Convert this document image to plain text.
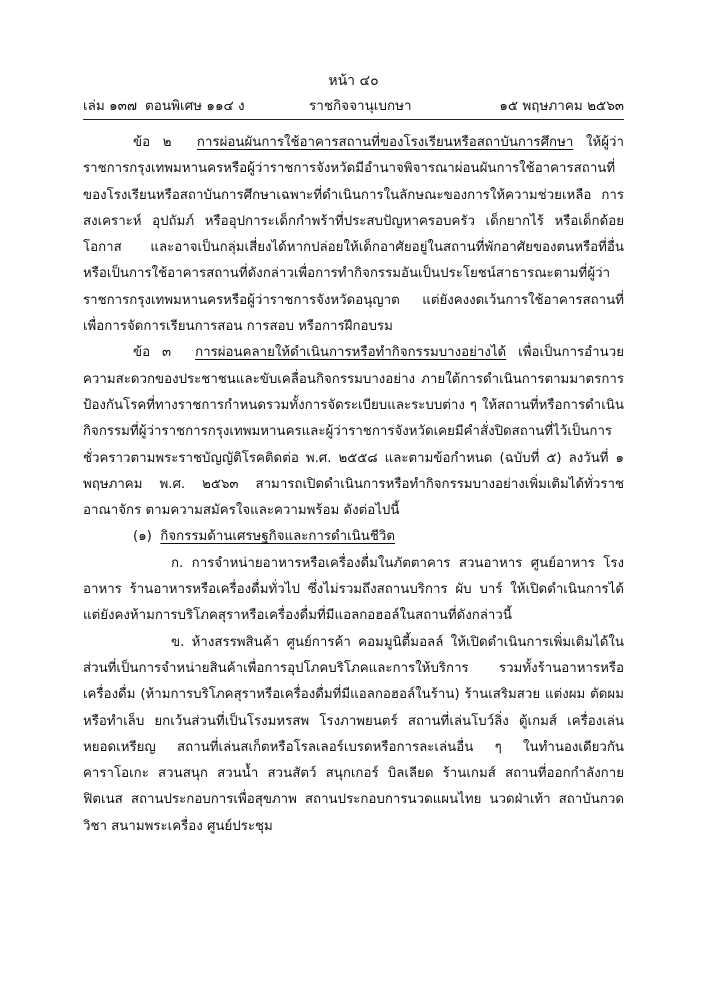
หน้า ๔๐
เล่ม ๑๓๗ ตอนพิเศษ ๑๑๔ ง	ราชกิจจานุเบกษา	๑๕ พฤษภาคม ๒๕๖๓

ข้อ ๒ การผ่อนผันการใช้อาคารสถานที่ของโรงเรียนหรือสถาบันการศึกษา ให้ผู้ว่าราชการกรุงเทพมหานครหรือผู้ว่าราชการจังหวัดมีอำนาจพิจารณาผ่อนผันการใช้อาคารสถานที่ของโรงเรียนหรือสถาบันการศึกษาเฉพาะที่ดำเนินการในลักษณะของการให้ความช่วยเหลือ การสงเคราะห์ อุปถัมภ์ หรืออุปการะเด็กกำพร้าที่ประสบปัญหาครอบครัว เด็กยากไร้ หรือเด็กด้อยโอกาส และอาจเป็นกลุ่มเสี่ยงได้หากปล่อยให้เด็กอาศัยอยู่ในสถานที่พักอาศัยของตนหรือที่อื่น หรือเป็นการใช้อาคารสถานที่ดังกล่าวเพื่อการทำกิจกรรมอันเป็นประโยชน์สาธารณะตามที่ผู้ว่าราชการกรุงเทพมหานครหรือผู้ว่าราชการจังหวัดอนุญาต แต่ยังคงงดเว้นการใช้อาคารสถานที่เพื่อการจัดการเรียนการสอน การสอบ หรือการฝึกอบรม

ข้อ ๓ การผ่อนคลายให้ดำเนินการหรือทำกิจกรรมบางอย่างได้ เพื่อเป็นการอำนวยความสะดวกของประชาชนและขับเคลื่อนกิจกรรมบางอย่าง ภายใต้การดำเนินการตามมาตรการป้องกันโรคที่ทางราชการกำหนดรวมทั้งการจัดระเบียบและระบบต่าง ๆ ให้สถานที่หรือการดำเนินกิจกรรมที่ผู้ว่าราชการกรุงเทพมหานครและผู้ว่าราชการจังหวัดเคยมีคำสั่งปิดสถานที่ไว้เป็นการชั่วคราวตามพระราชบัญญัติโรคติดต่อ พ.ศ. ๒๕๕๘ และตามข้อกำหนด (ฉบับที่ ๕) ลงวันที่ ๑ พฤษภาคม พ.ศ. ๒๕๖๓ สามารถเปิดดำเนินการหรือทำกิจกรรมบางอย่างเพิ่มเติมได้ทั่วราชอาณาจักร ตามความสมัครใจและความพร้อม ดังต่อไปนี้

(๑) กิจกรรมด้านเศรษฐกิจและการดำเนินชีวิต

ก. การจำหน่ายอาหารหรือเครื่องดื่มในภัตตาคาร สวนอาหาร ศูนย์อาหาร โรงอาหาร ร้านอาหารหรือเครื่องดื่มทั่วไป ซึ่งไม่รวมถึงสถานบริการ ผับ บาร์ ให้เปิดดำเนินการได้ แต่ยังคงห้ามการบริโภคสุราหรือเครื่องดื่มที่มีแอลกอฮอล์ในสถานที่ดังกล่าวนี้

ข. ห้างสรรพสินค้า ศูนย์การค้า คอมมูนิตี้มอลล์ ให้เปิดดำเนินการเพิ่มเติมได้ในส่วนที่เป็นการจำหน่ายสินค้าเพื่อการอุปโภคบริโภคและการให้บริการ รวมทั้งร้านอาหารหรือเครื่องดื่ม (ห้ามการบริโภคสุราหรือเครื่องดื่มที่มีแอลกอฮอล์ในร้าน) ร้านเสริมสวย แต่งผม ตัดผมหรือทำเล็บ ยกเว้นส่วนที่เป็นโรงมหรสพ โรงภาพยนตร์ สถานที่เล่นโบว์ลิ่ง ตู้เกมส์ เครื่องเล่นหยอดเหรียญ สถานที่เล่นสเก็ตหรือโรลเลอร์เบรดหรือการละเล่นอื่น ๆ ในทำนองเดียวกัน คาราโอเกะ สวนสนุก สวนน้ำ สวนสัตว์ สนุกเกอร์ บิลเลียด ร้านเกมส์ สถานที่ออกกำลังกายฟิตเนส สถานประกอบการเพื่อสุขภาพ สถานประกอบการนวดแผนไทย นวดฝ่าเท้า สถาบันกวดวิชา สนามพระเครื่อง ศูนย์ประชุม
